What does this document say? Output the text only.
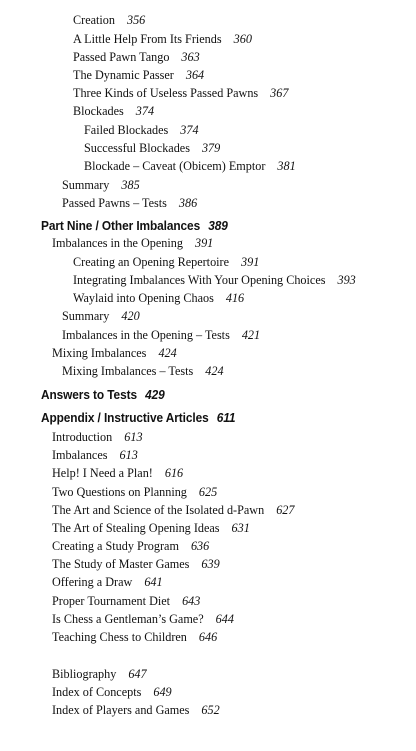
Creation 356
A Little Help From Its Friends 360
Passed Pawn Tango 363
The Dynamic Passer 364
Three Kinds of Useless Passed Pawns 367
Blockades 374
Failed Blockades 374
Successful Blockades 379
Blockade – Caveat (Obicem) Emptor 381
Summary 385
Passed Pawns – Tests 386
Part Nine / Other Imbalances 389
Imbalances in the Opening 391
Creating an Opening Repertoire 391
Integrating Imbalances With Your Opening Choices 393
Waylaid into Opening Chaos 416
Summary 420
Imbalances in the Opening – Tests 421
Mixing Imbalances 424
Mixing Imbalances – Tests 424
Answers to Tests 429
Appendix / Instructive Articles 611
Introduction 613
Imbalances 613
Help! I Need a Plan! 616
Two Questions on Planning 625
The Art and Science of the Isolated d-Pawn 627
The Art of Stealing Opening Ideas 631
Creating a Study Program 636
The Study of Master Games 639
Offering a Draw 641
Proper Tournament Diet 643
Is Chess a Gentleman’s Game? 644
Teaching Chess to Children 646
Bibliography 647
Index of Concepts 649
Index of Players and Games 652
